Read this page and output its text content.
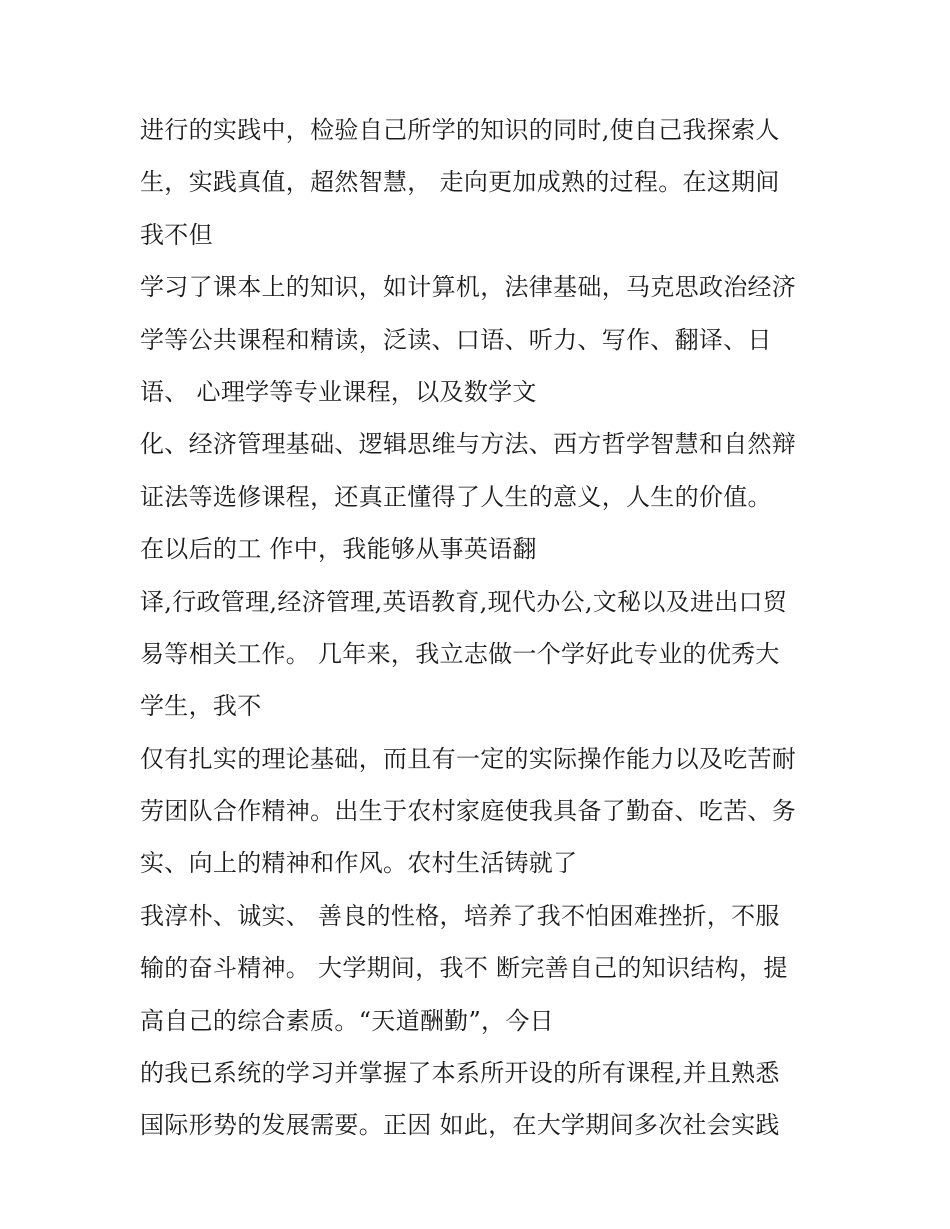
进行的实践中，检验自己所学的知识的同时,使自己我探索人
生，实践真值，超然智慧， 走向更加成熟的过程。在这期间
我不但
学习了课本上的知识，如计算机，法律基础，马克思政治经济
学等公共课程和精读，泛读、口语、听力、写作、翻译、日
语、 心理学等专业课程，以及数学文
化、经济管理基础、逻辑思维与方法、西方哲学智慧和自然辩
证法等选修课程，还真正懂得了人生的意义，人生的价值。
在以后的工 作中，我能够从事英语翻
译,行政管理,经济管理,英语教育,现代办公,文秘以及进出口贸
易等相关工作。 几年来，我立志做一个学好此专业的优秀大
学生，我不
仅有扎实的理论基础，而且有一定的实际操作能力以及吃苦耐
劳团队合作精神。出生于农村家庭使我具备了勤奋、吃苦、务
实、向上的精神和作风。农村生活铸就了
我淳朴、诚实、 善良的性格，培养了我不怕困难挫折，不服
输的奋斗精神。 大学期间，我不 断完善自己的知识结构，提
高自己的综合素质。“天道酬勤”，今日
的我已系统的学习并掌握了本系所开设的所有课程,并且熟悉
国际形势的发展需要。正因 如此，在大学期间多次社会实践
